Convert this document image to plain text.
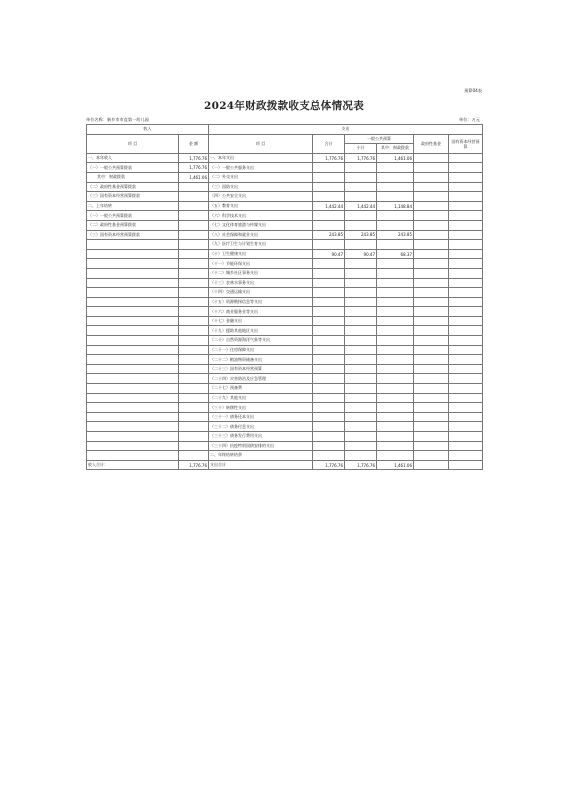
预算04表
2024年财政拨款收支总体情况表
单位名称：新乡市市直第一幼儿园	单位：万元
收入		支出					
项 目	金 额	项 目	合计	一般公共预算		政府性基金	国有资本经营预算
				小计	其中：财政拨款		
一、本年收入	1,776.76	一、本年支出	1,776.76	1,776.76	1,461.06		
（一）一般公共预算拨款	1,776.76	（一）一般公共服务支出					
其中：财政拨款	1,461.06	（二）外交支出					
（二）政府性基金预算拨款		（三）国防支出					
（三）国有资本经营预算拨款		（四）公共安全支出					
二、上年结转		（五）教育支出	1,442.44	1,442.44	1,148.84		
（一）一般公共预算拨款		（六）科学技术支出					
（二）政府性基金预算拨款		（七）文化体育旅游与传媒支出					
（三）国有资本经营预算拨款		（八）社会保障和就业支出	243.85	243.85	243.85		
		（九）医疗卫生与计划生育支出					
		（十）卫生健康支出	90.47	90.47	68.37		
		（十一）节能环保支出					
		（十二）城乡社区事务支出					
		（十三）农林水事务支出					
		（十四）交通运输支出					
		（十五）资源勘探信息等支出					
		（十六）商业服务业等支出					
		（十七）金融支出					
		（十九）援助其他地区支出					
		（二十）自然资源海洋气象等支出					
		（二十一）住房保障支出					
		（二十二）粮油物资储备支出					
		（二十三）国有资本经营预算					
		（二十四）灾害防治及应急管理					
		（二十七）预备费					
		（二十九）其他支出					
		（三十）转移性支出					
		（三十一）债务还本支出					
		（三十二）债务付息支出					
		（三十三）债务发行费用支出					
		（三十四）抗疫特别国债安排的支出					
		二、年终结转结余					
收入合计：	1,776.76	支出合计	1,776.76	1,776.76	1,461.06		
